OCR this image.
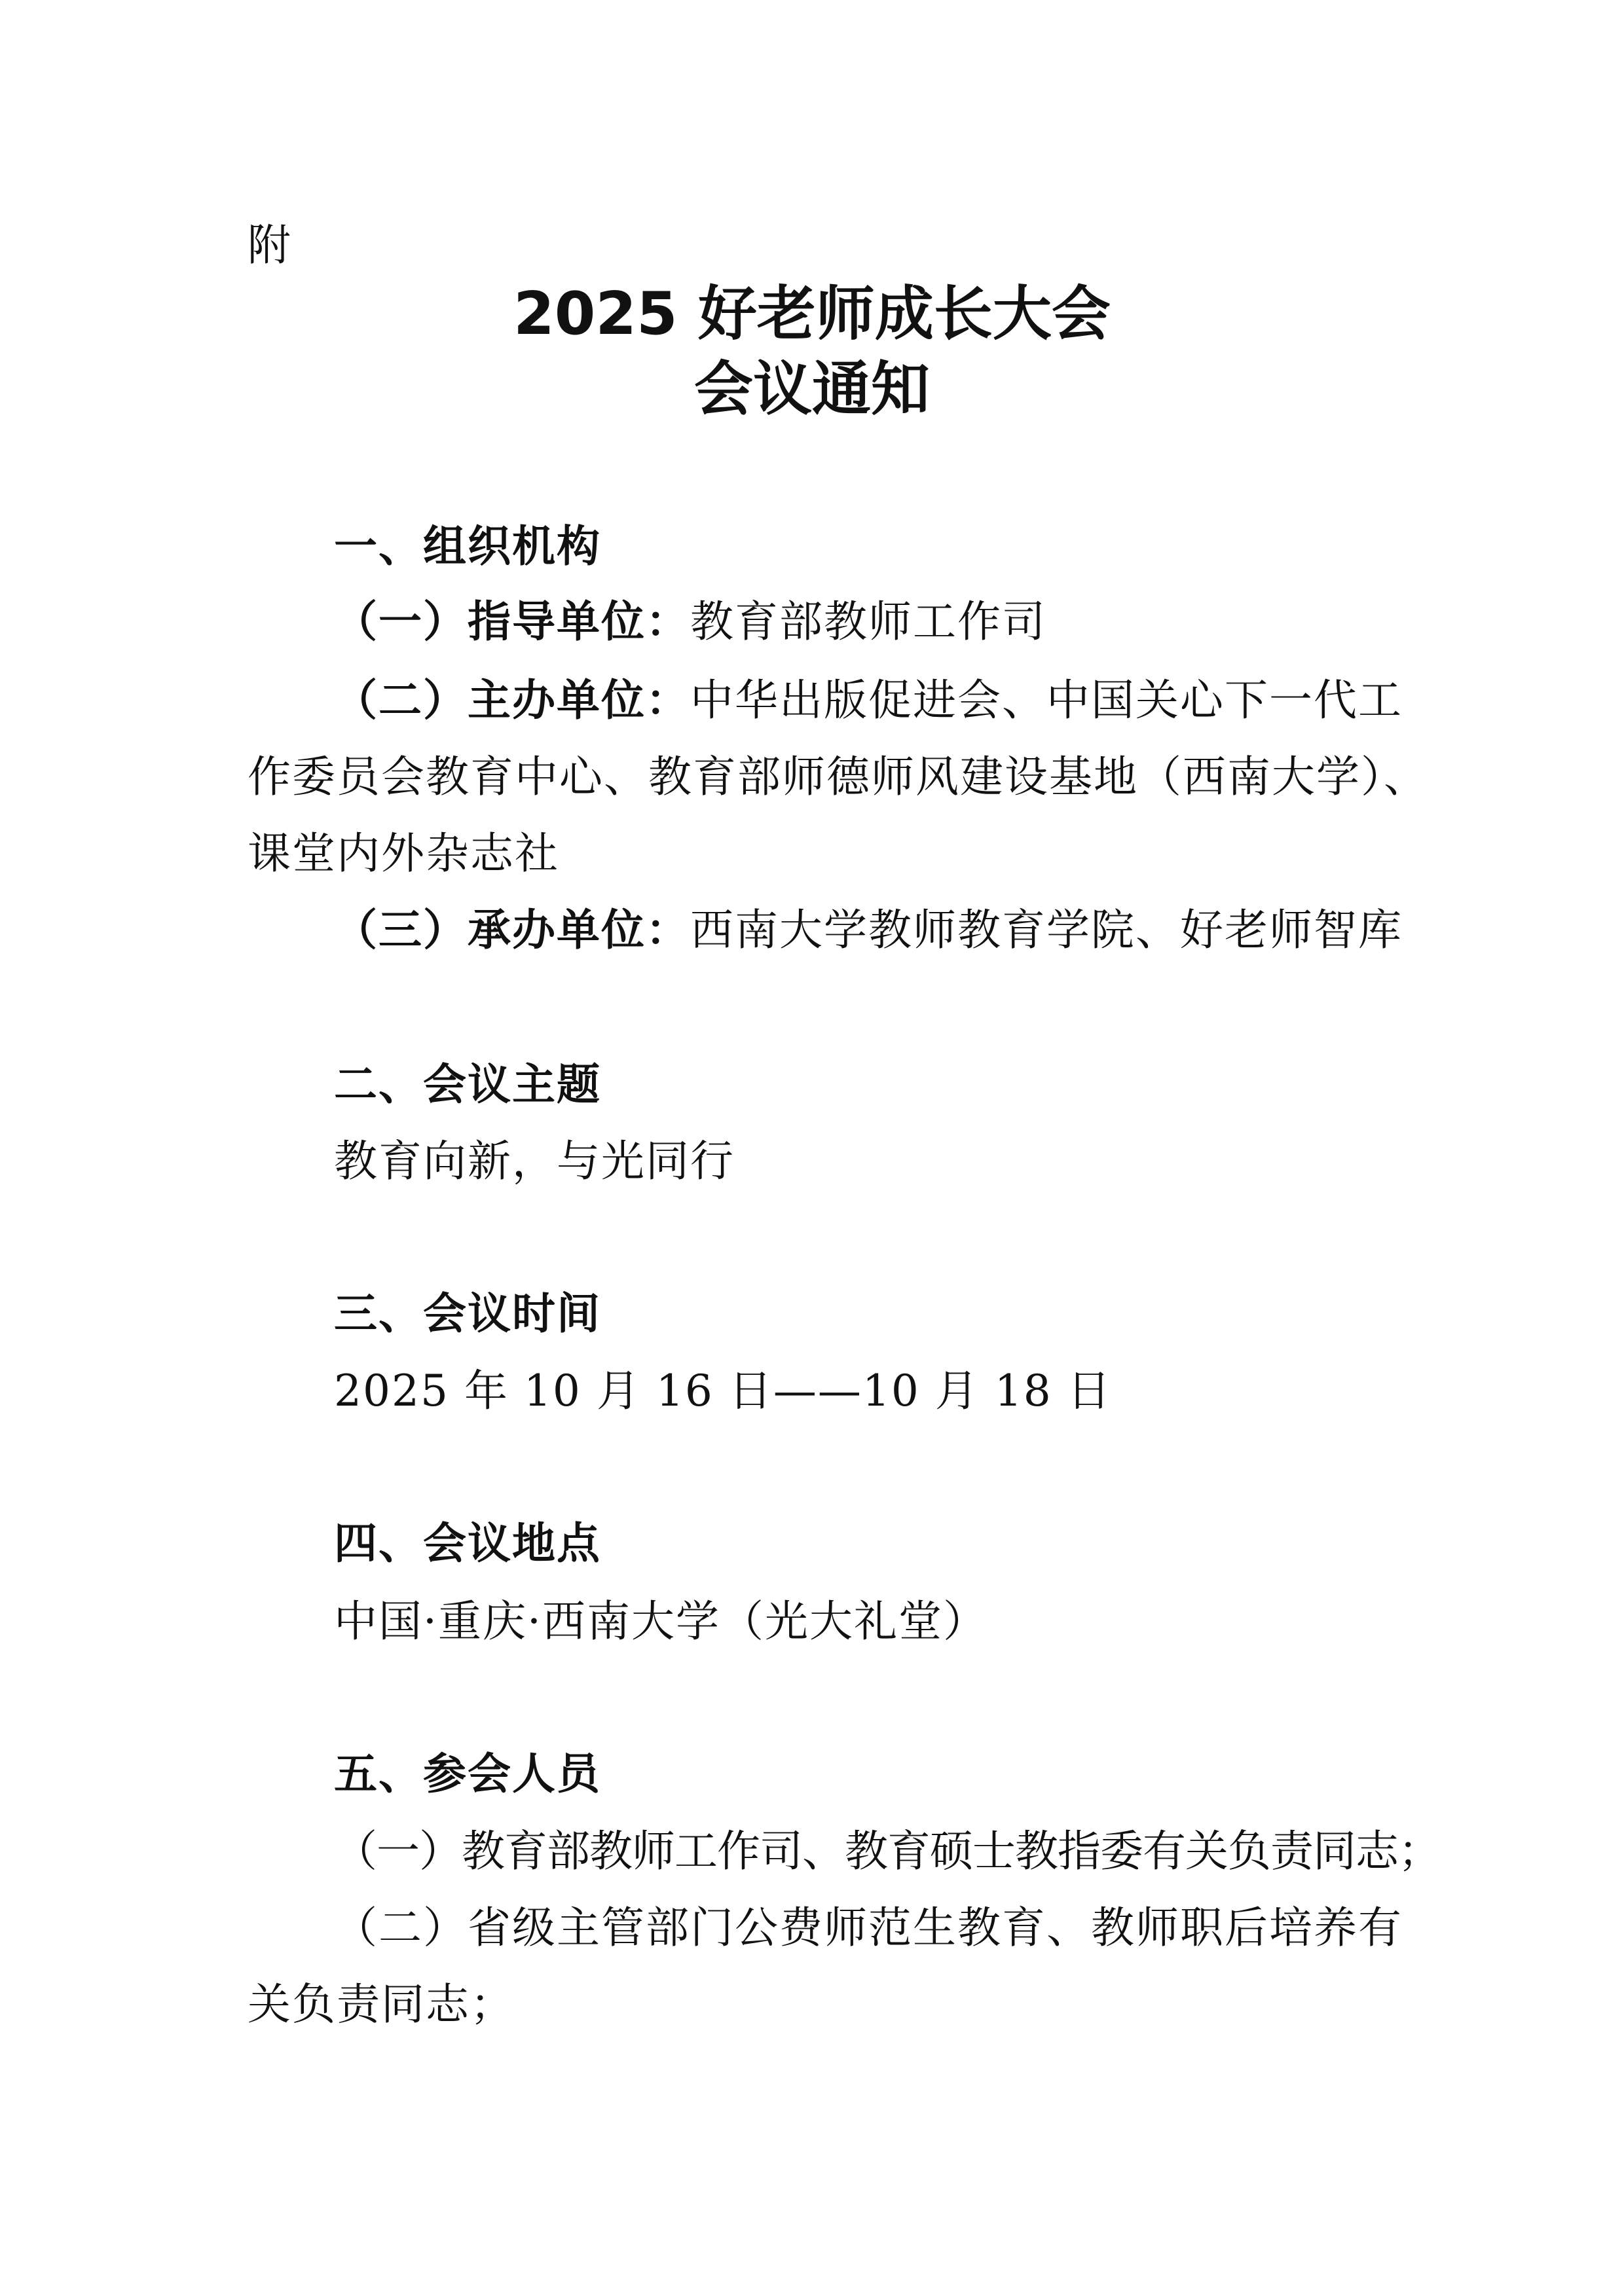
附
2025 好老师成长大会
会议通知
一、组织机构
（一）指导单位：教育部教师工作司
（二）主办单位：中华出版促进会、中国关心下一代工
作委员会教育中心、教育部师德师风建设基地（西南大学）、
课堂内外杂志社
（三）承办单位：西南大学教师教育学院、好老师智库
二、会议主题
教育向新，与光同行
三、会议时间
2025 年 10 月 16 日——10 月 18 日
四、会议地点
中国·重庆·西南大学（光大礼堂）
五、参会人员
（一）教育部教师工作司、教育硕士教指委有关负责同志；
（二）省级主管部门公费师范生教育、教师职后培养有
关负责同志；
